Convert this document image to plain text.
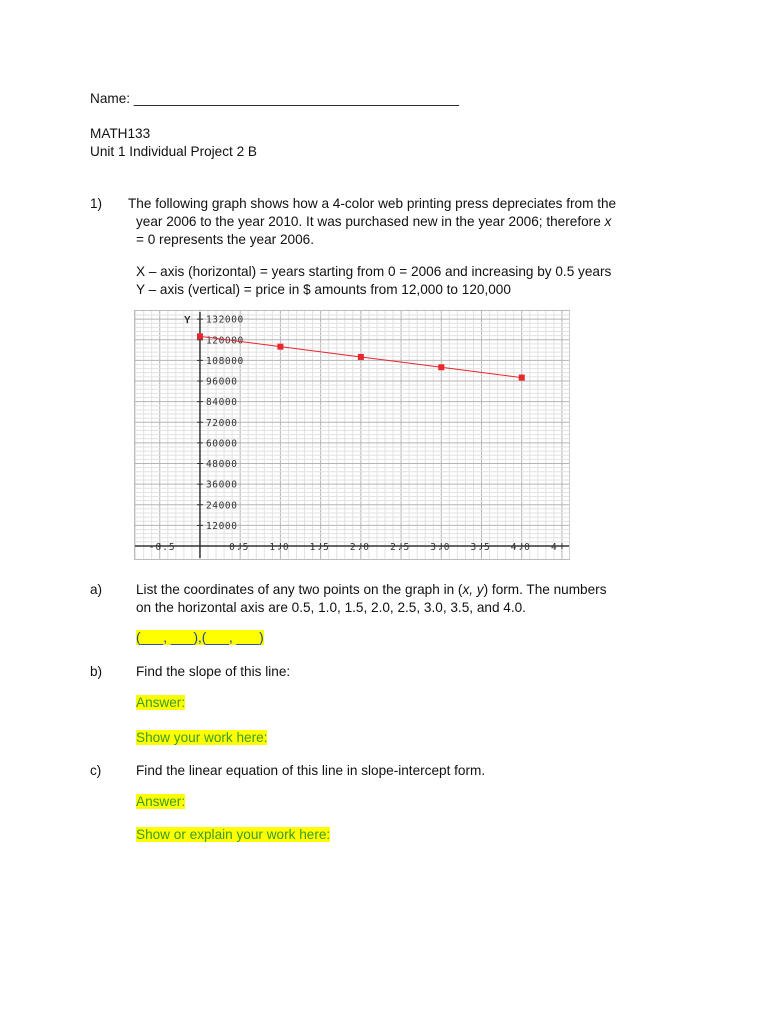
Name: ___________________________________________
MATH133
Unit 1 Individual Project 2 B
1) The following graph shows how a 4-color web printing press depreciates from the
year 2006 to the year 2010. It was purchased new in the year 2006; therefore x
= 0 represents the year 2006.
X – axis (horizontal) = years starting from 0 = 2006 and increasing by 0.5 years
Y – axis (vertical) = price in $ amounts from 12,000 to 120,000
Y
12000
24000
36000
48000
60000
72000
84000
96000
108000
120000
132000
-0.5	0.5 1.0 1.5 2.0 2.5 3.0 3.5 4.0 4
a) List the coordinates of any two points on the graph in (x, y) form. The numbers
on the horizontal axis are 0.5, 1.0, 1.5, 2.0, 2.5, 3.0, 3.5, and 4.0.
(___, ___),(___, ___)
b) Find the slope of this line:
Answer:
Show your work here:
c)	Find the linear equation of this line in slope-intercept form.
Answer:
Show or explain your work here:
